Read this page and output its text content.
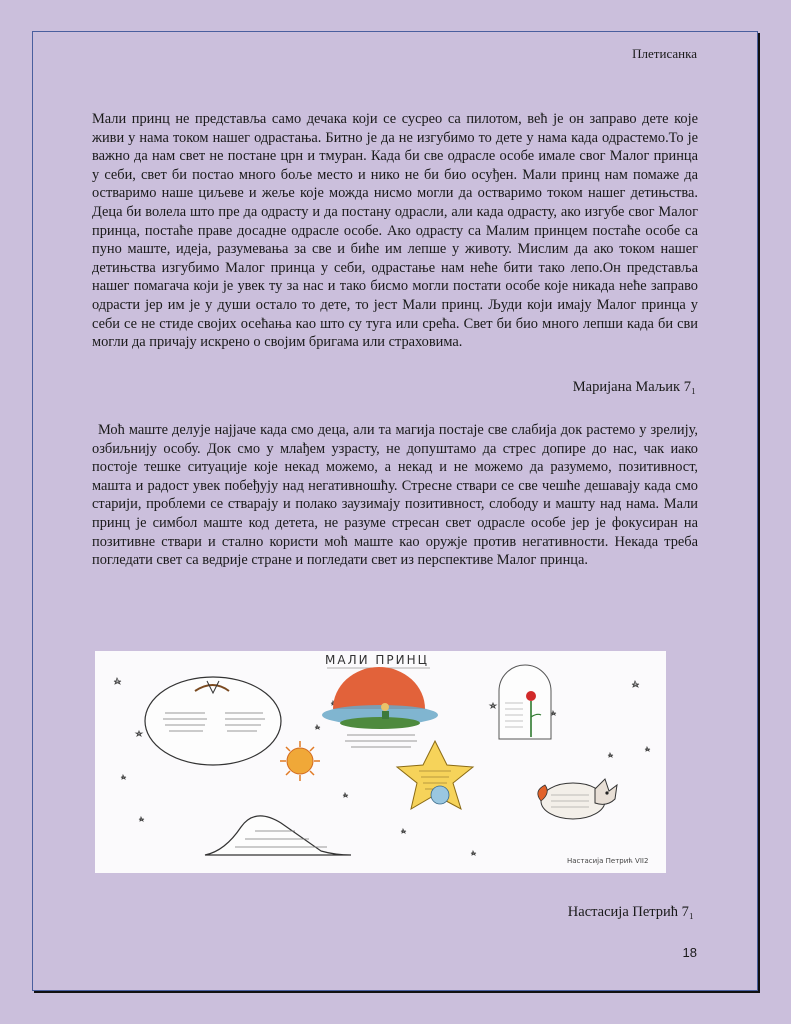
Плетисанка

Мали принц не представља само дечака који се сусрео са пилотом, већ је он заправо дете које живи у нама током нашег одрастања. Битно је да не изгубимо то дете у нама када одрастемо.То је важно да нам свет не постане црн и тмуран. Када би све одрасле особе имале свог Малог принца у себи, свет би постао много боље место и нико не би био осуђен. Мали принц нам помаже да остваримо наше циљеве и жеље које можда нисмо могли да остваримо током нашег детињства. Деца би волела што пре да одрасту и да постану одрасли, али када одрасту, ако изгубе свог Малог принца, постаће праве досадне одрасле особе. Ако одрасту са Малим принцем постаће особе са пуно маште, идеја, разумевања за све и биће им лепше у животу. Мислим да ако током нашег детињства изгубимо Малог принца у себи, одрастање нам неће бити тако лепо.Он представља нашег помагача који је увек ту за нас и тако бисмо могли постати особе које никада неће заправо одрасти јер им је у души остало то дете, то јест Мали принц. Људи који имају Малог принца у себи се не стиде својих осећања као што су туга или срећа. Свет би био много лепши када би сви могли да причају искрено о својим бригама или страховима.

Маријана Маљик 7₁

Моћ маште делује најјаче када смо деца, али та магија постаје све слабија док растемо у зрелију, озбиљнију особу. Док смо у млађем узрасту, не допуштамо да стрес допире до нас, чак иако постоје тешке ситуације које некад можемо, а некад и не можемо да разумемо, позитивност, машта и радост увек побеђују над негативношћу. Стресне ствари се све чешће дешавају када смо старији, проблеми се стварају и полако заузимају позитивност, слободу и машту над нама. Мали принц је симбол маште код детета, не разуме стресан свет одрасле особе јер је фокусиран на позитивне ствари и стално користи моћ маште као оружје против негативности. Некада треба погледати свет са ведрије стране и погледати свет из перспективе Малог принца.

МАЛИ ПРИНЦ
Настасија Петрић VII2
Настасија Петрић 7₁
18
